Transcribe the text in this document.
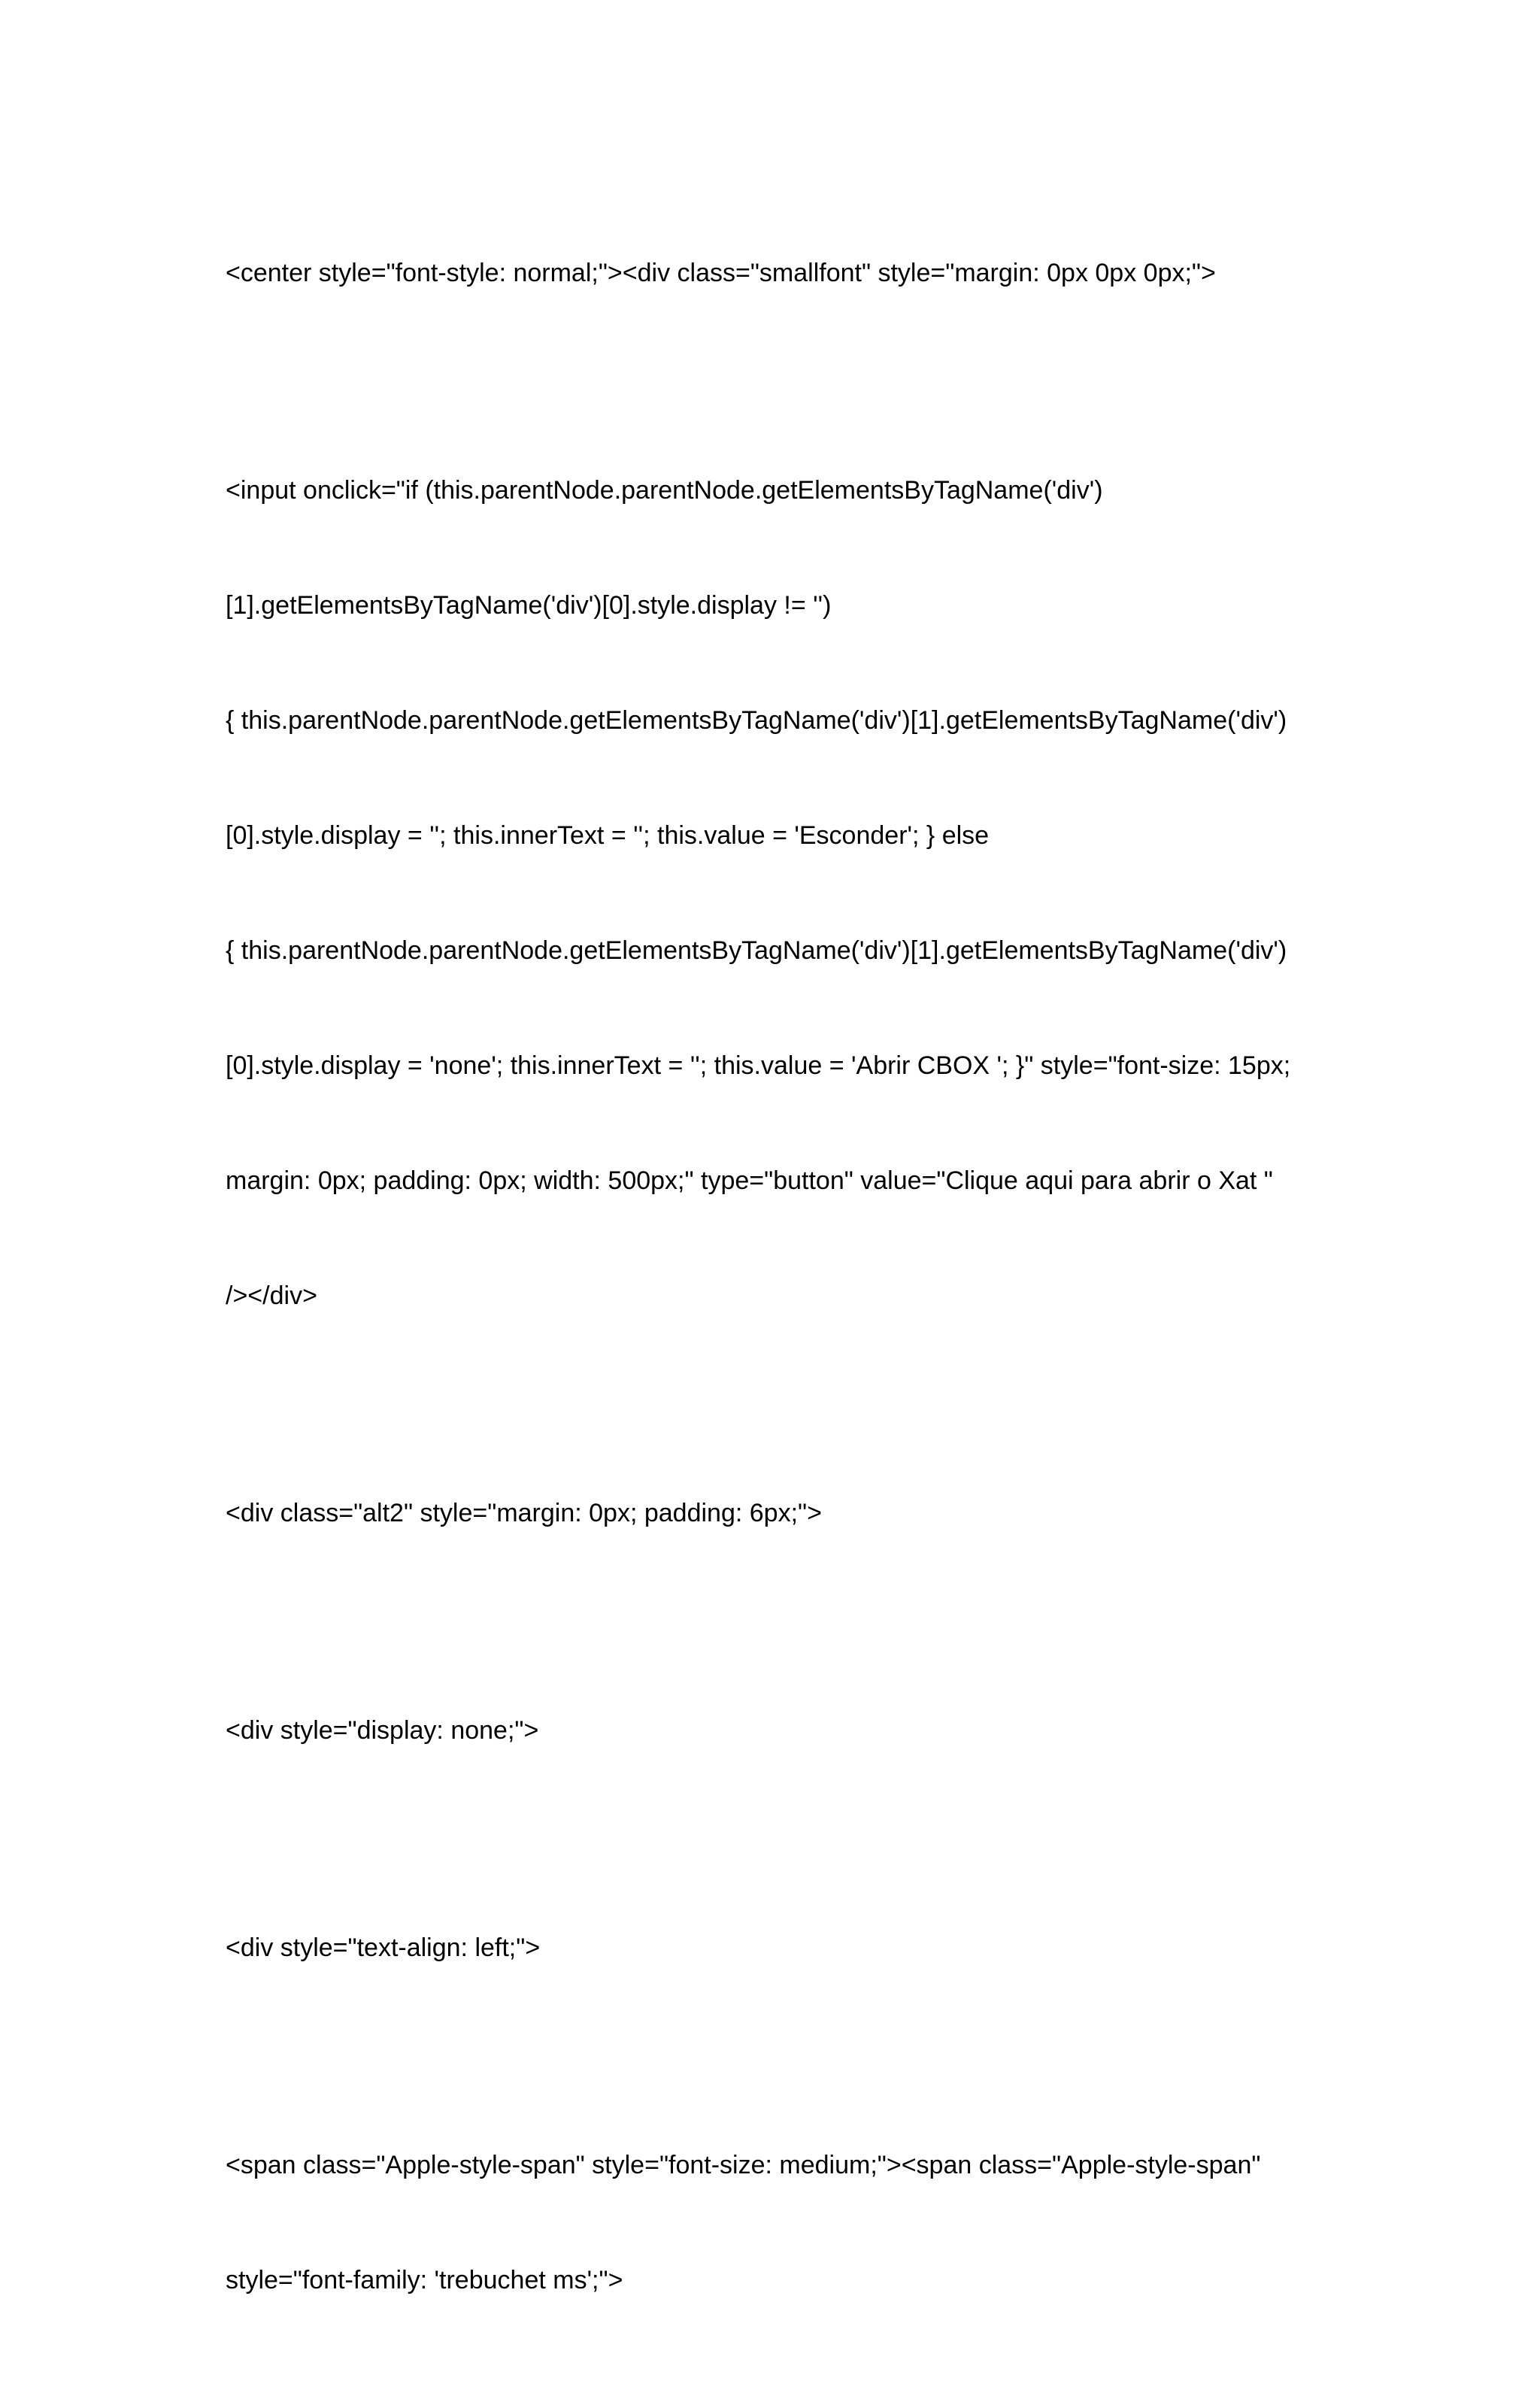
<center style="font-style: normal;"><div class="smallfont" style="margin: 0px 0px 0px;">

<input onclick="if (this.parentNode.parentNode.getElementsByTagName('div')

[1].getElementsByTagName('div')[0].style.display != '')

{ this.parentNode.parentNode.getElementsByTagName('div')[1].getElementsByTagName('div')

[0].style.display = ''; this.innerText = ''; this.value = 'Esconder'; } else

{ this.parentNode.parentNode.getElementsByTagName('div')[1].getElementsByTagName('div')

[0].style.display = 'none'; this.innerText = ''; this.value = 'Abrir CBOX '; }" style="font-size: 15px;

margin: 0px; padding: 0px; width: 500px;" type="button" value="Clique aqui para abrir o Xat "

/></div>

<div class="alt2" style="margin: 0px; padding: 6px;">

<div style="display: none;">

<div style="text-align: left;">

<span class="Apple-style-span" style="font-size: medium;"><span class="Apple-style-span"

style="font-family: 'trebuchet ms';">
